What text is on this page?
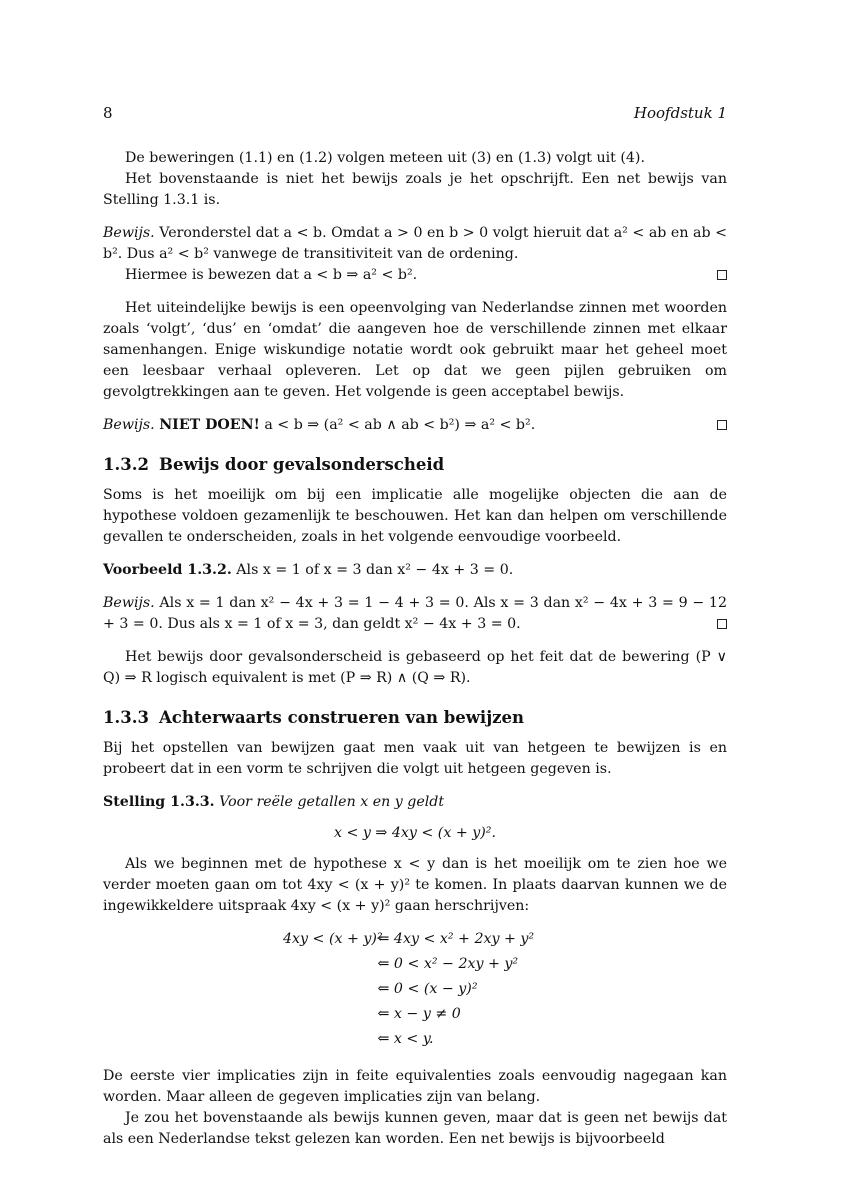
8	Hoofdstuk 1

De beweringen (1.1) en (1.2) volgen meteen uit (3) en (1.3) volgt uit (4).

Het bovenstaande is niet het bewijs zoals je het opschrijft. Een net bewijs van Stelling 1.3.1 is.

Bewijs. Veronderstel dat a < b. Omdat a > 0 en b > 0 volgt hieruit dat a² < ab en ab < b². Dus a² < b² vanwege de transitiviteit van de ordening.

Hiermee is bewezen dat a < b ⇒ a² < b².

Het uiteindelijke bewijs is een opeenvolging van Nederlandse zinnen met woorden zoals ‘volgt’, ‘dus’ en ‘omdat’ die aangeven hoe de verschillende zinnen met elkaar samenhangen. Enige wiskundige notatie wordt ook gebruikt maar het geheel moet een leesbaar verhaal opleveren. Let op dat we geen pijlen gebruiken om gevolgtrekkingen aan te geven. Het volgende is geen acceptabel bewijs.

Bewijs. NIET DOEN! a < b ⇒ (a² < ab ∧ ab < b²) ⇒ a² < b².

1.3.2 Bewijs door gevalsonderscheid

Soms is het moeilijk om bij een implicatie alle mogelijke objecten die aan de hypothese voldoen gezamenlijk te beschouwen. Het kan dan helpen om verschillende gevallen te onderscheiden, zoals in het volgende eenvoudige voorbeeld.

Voorbeeld 1.3.2. Als x = 1 of x = 3 dan x² − 4x + 3 = 0.

Bewijs. Als x = 1 dan x² − 4x + 3 = 1 − 4 + 3 = 0. Als x = 3 dan x² − 4x + 3 = 9 − 12 + 3 = 0. Dus als x = 1 of x = 3, dan geldt x² − 4x + 3 = 0.

Het bewijs door gevalsonderscheid is gebaseerd op het feit dat de bewering (P ∨ Q) ⇒ R logisch equivalent is met (P ⇒ R) ∧ (Q ⇒ R).

1.3.3 Achterwaarts construeren van bewijzen

Bij het opstellen van bewijzen gaat men vaak uit van hetgeen te bewijzen is en probeert dat in een vorm te schrijven die volgt uit hetgeen gegeven is.

Stelling 1.3.3. Voor reële getallen x en y geldt

x < y ⇒ 4xy < (x + y)².

Als we beginnen met de hypothese x < y dan is het moeilijk om te zien hoe we verder moeten gaan om tot 4xy < (x + y)² te komen. In plaats daarvan kunnen we de ingewikkeldere uitspraak 4xy < (x + y)² gaan herschrijven:

4xy < (x + y)² ⇐ 4xy < x² + 2xy + y²
⇐ 0 < x² − 2xy + y²
⇐ 0 < (x − y)²
⇐ x − y ≠ 0
⇐ x < y.

De eerste vier implicaties zijn in feite equivalenties zoals eenvoudig nagegaan kan worden. Maar alleen de gegeven implicaties zijn van belang.

Je zou het bovenstaande als bewijs kunnen geven, maar dat is geen net bewijs dat als een Nederlandse tekst gelezen kan worden. Een net bewijs is bijvoorbeeld
